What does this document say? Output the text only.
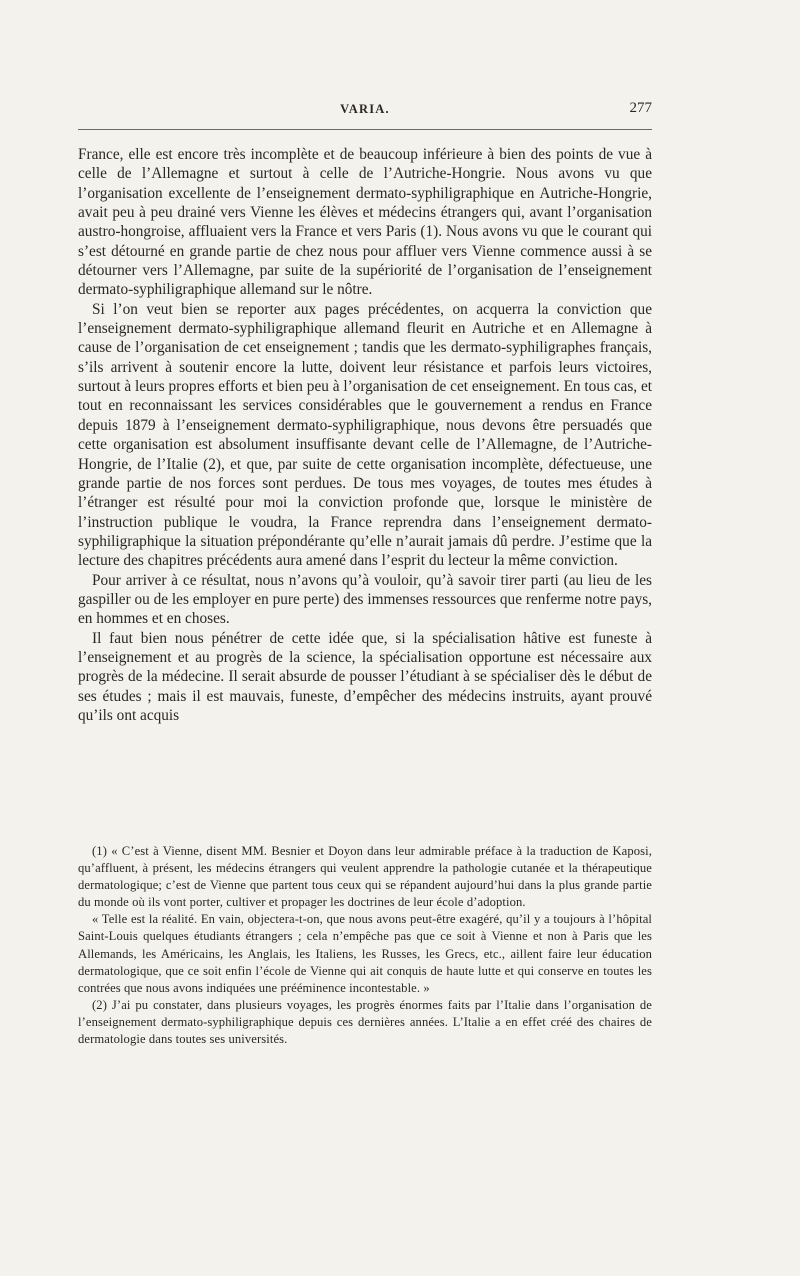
VARIA.	277

France, elle est encore très incomplète et de beaucoup inférieure à bien des points de vue à celle de l’Allemagne et surtout à celle de l’Autriche-Hongrie. Nous avons vu que l’organisation excellente de l’enseignement dermato-syphiligraphique en Autriche-Hongrie, avait peu à peu drainé vers Vienne les élèves et médecins étrangers qui, avant l’organisation austro-hongroise, affluaient vers la France et vers Paris (1). Nous avons vu que le courant qui s’est détourné en grande partie de chez nous pour affluer vers Vienne commence aussi à se détourner vers l’Allemagne, par suite de la supériorité de l’organisation de l’enseignement dermato-syphiligraphique allemand sur le nôtre.

Si l’on veut bien se reporter aux pages précédentes, on acquerra la conviction que l’enseignement dermato-syphiligraphique allemand fleurit en Autriche et en Allemagne à cause de l’organisation de cet enseignement ; tandis que les dermato-syphiligraphes français, s’ils arrivent à soutenir encore la lutte, doivent leur résistance et parfois leurs victoires, surtout à leurs propres efforts et bien peu à l’organisation de cet enseignement. En tous cas, et tout en reconnaissant les services considérables que le gouvernement a rendus en France depuis 1879 à l’enseignement dermato-syphiligraphique, nous devons être persuadés que cette organisation est absolument insuffisante devant celle de l’Allemagne, de l’Autriche-Hongrie, de l’Italie (2), et que, par suite de cette organisation incomplète, défectueuse, une grande partie de nos forces sont perdues. De tous mes voyages, de toutes mes études à l’étranger est résulté pour moi la conviction profonde que, lorsque le ministère de l’instruction publique le voudra, la France reprendra dans l’enseignement dermato-syphiligraphique la situation prépondérante qu’elle n’aurait jamais dû perdre. J’estime que la lecture des chapitres précédents aura amené dans l’esprit du lecteur la même conviction.

Pour arriver à ce résultat, nous n’avons qu’à vouloir, qu’à savoir tirer parti (au lieu de les gaspiller ou de les employer en pure perte) des immenses ressources que renferme notre pays, en hommes et en choses.

Il faut bien nous pénétrer de cette idée que, si la spécialisation hâtive est funeste à l’enseignement et au progrès de la science, la spécialisation opportune est nécessaire aux progrès de la médecine. Il serait absurde de pousser l’étudiant à se spécialiser dès le début de ses études ; mais il est mauvais, funeste, d’empêcher des médecins instruits, ayant prouvé qu’ils ont acquis

(1) « C’est à Vienne, disent MM. Besnier et Doyon dans leur admirable préface à la traduction de Kaposi, qu’affluent, à présent, les médecins étrangers qui veulent apprendre la pathologie cutanée et la thérapeutique dermatologique; c’est de Vienne que partent tous ceux qui se répandent aujourd’hui dans la plus grande partie du monde où ils vont porter, cultiver et propager les doctrines de leur école d’adoption.

« Telle est la réalité. En vain, objectera-t-on, que nous avons peut-être exagéré, qu’il y a toujours à l’hôpital Saint-Louis quelques étudiants étrangers ; cela n’empêche pas que ce soit à Vienne et non à Paris que les Allemands, les Américains, les Anglais, les Italiens, les Russes, les Grecs, etc., aillent faire leur éducation dermatologique, que ce soit enfin l’école de Vienne qui ait conquis de haute lutte et qui conserve en toutes les contrées que nous avons indiquées une prééminence incontestable. »

(2) J’ai pu constater, dans plusieurs voyages, les progrès énormes faits par l’Italie dans l’organisation de l’enseignement dermato-syphiligraphique depuis ces dernières années. L’Italie a en effet créé des chaires de dermatologie dans toutes ses universités.
